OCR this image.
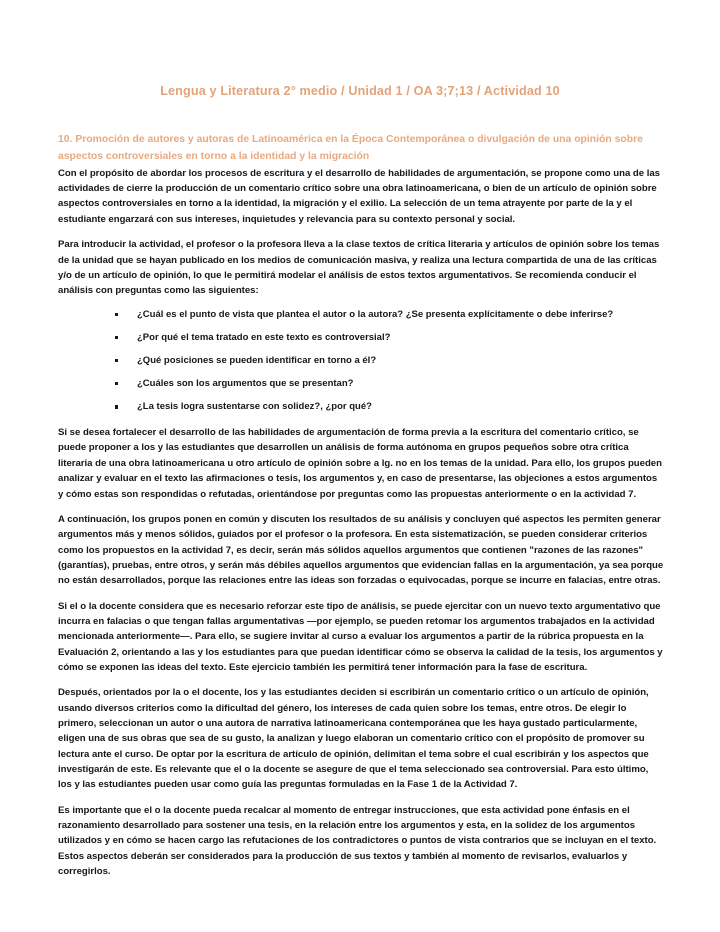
Lengua y Literatura 2° medio / Unidad 1 / OA 3;7;13 / Actividad 10
10. Promoción de autores y autoras de Latinoamérica en la Época Contemporánea o divulgación de una opinión sobre aspectos controversiales en torno a la identidad y la migración

Con el propósito de abordar los procesos de escritura y el desarrollo de habilidades de argumentación, se propone como una de las actividades de cierre la producción de un comentario crítico sobre una obra latinoamericana, o bien de un artículo de opinión sobre aspectos controversiales en torno a la identidad, la migración y el exilio. La selección de un tema atrayente por parte de la y el estudiante engarzará con sus intereses, inquietudes y relevancia para su contexto personal y social.

Para introducir la actividad, el profesor o la profesora lleva a la clase textos de crítica literaria y artículos de opinión sobre los temas de la unidad que se hayan publicado en los medios de comunicación masiva, y realiza una lectura compartida de una de las críticas y/o de un artículo de opinión, lo que le permitirá modelar el análisis de estos textos argumentativos. Se recomienda conducir el análisis con preguntas como las siguientes:

¿Cuál es el punto de vista que plantea el autor o la autora? ¿Se presenta explícitamente o debe inferirse?
¿Por qué el tema tratado en este texto es controversial?
¿Qué posiciones se pueden identificar en torno a él?
¿Cuáles son los argumentos que se presentan?
¿La tesis logra sustentarse con solidez?, ¿por qué?

Si se desea fortalecer el desarrollo de las habilidades de argumentación de forma previa a la escritura del comentario crítico, se puede proponer a los y las estudiantes que desarrollen un análisis de forma autónoma en grupos pequeños sobre otra crítica literaria de una obra latinoamericana u otro artículo de opinión sobre a lg. no en los temas de la unidad. Para ello, los grupos pueden analizar y evaluar en el texto las afirmaciones o tesis, los argumentos y, en caso de presentarse, las objeciones a estos argumentos y cómo estas son respondidas o refutadas, orientándose por preguntas como las propuestas anteriormente o en la actividad 7.

A continuación, los grupos ponen en común y discuten los resultados de su análisis y concluyen qué aspectos les permiten generar argumentos más y menos sólidos, guiados por el profesor o la profesora. En esta sistematización, se pueden considerar criterios como los propuestos en la actividad 7, es decir, serán más sólidos aquellos argumentos que contienen "razones de las razones" (garantías), pruebas, entre otros, y serán más débiles aquellos argumentos que evidencian fallas en la argumentación, ya sea porque no están desarrollados, porque las relaciones entre las ideas son forzadas o equivocadas, porque se incurre en falacias, entre otras.

Si el o la docente considera que es necesario reforzar este tipo de análisis, se puede ejercitar con un nuevo texto argumentativo que incurra en falacias o que tengan fallas argumentativas —por ejemplo, se pueden retomar los argumentos trabajados en la actividad mencionada anteriormente—. Para ello, se sugiere invitar al curso a evaluar los argumentos a partir de la rúbrica propuesta en la Evaluación 2, orientando a las y los estudiantes para que puedan identificar cómo se observa la calidad de la tesis, los argumentos y cómo se exponen las ideas del texto. Este ejercicio también les permitirá tener información para la fase de escritura.

Después, orientados por la o el docente, los y las estudiantes deciden si escribirán un comentario crítico o un artículo de opinión, usando diversos criterios como la dificultad del género, los intereses de cada quien sobre los temas, entre otros. De elegir lo primero, seleccionan un autor o una autora de narrativa latinoamericana contemporánea que les haya gustado particularmente, eligen una de sus obras que sea de su gusto, la analizan y luego elaboran un comentario crítico con el propósito de promover su lectura ante el curso. De optar por la escritura de artículo de opinión, delimitan el tema sobre el cual escribirán y los aspectos que investigarán de este. Es relevante que el o la docente se asegure de que el tema seleccionado sea controversial. Para esto último, los y las estudiantes pueden usar como guía las preguntas formuladas en la Fase 1 de la Actividad 7.

Es importante que el o la docente pueda recalcar al momento de entregar instrucciones, que esta actividad pone énfasis en el razonamiento desarrollado para sostener una tesis, en la relación entre los argumentos y esta, en la solidez de los argumentos utilizados y en cómo se hacen cargo las refutaciones de los contradictores o puntos de vista contrarios que se incluyan en el texto. Estos aspectos deberán ser considerados para la producción de sus textos y también al momento de revisarlos, evaluarlos y corregirlos.
